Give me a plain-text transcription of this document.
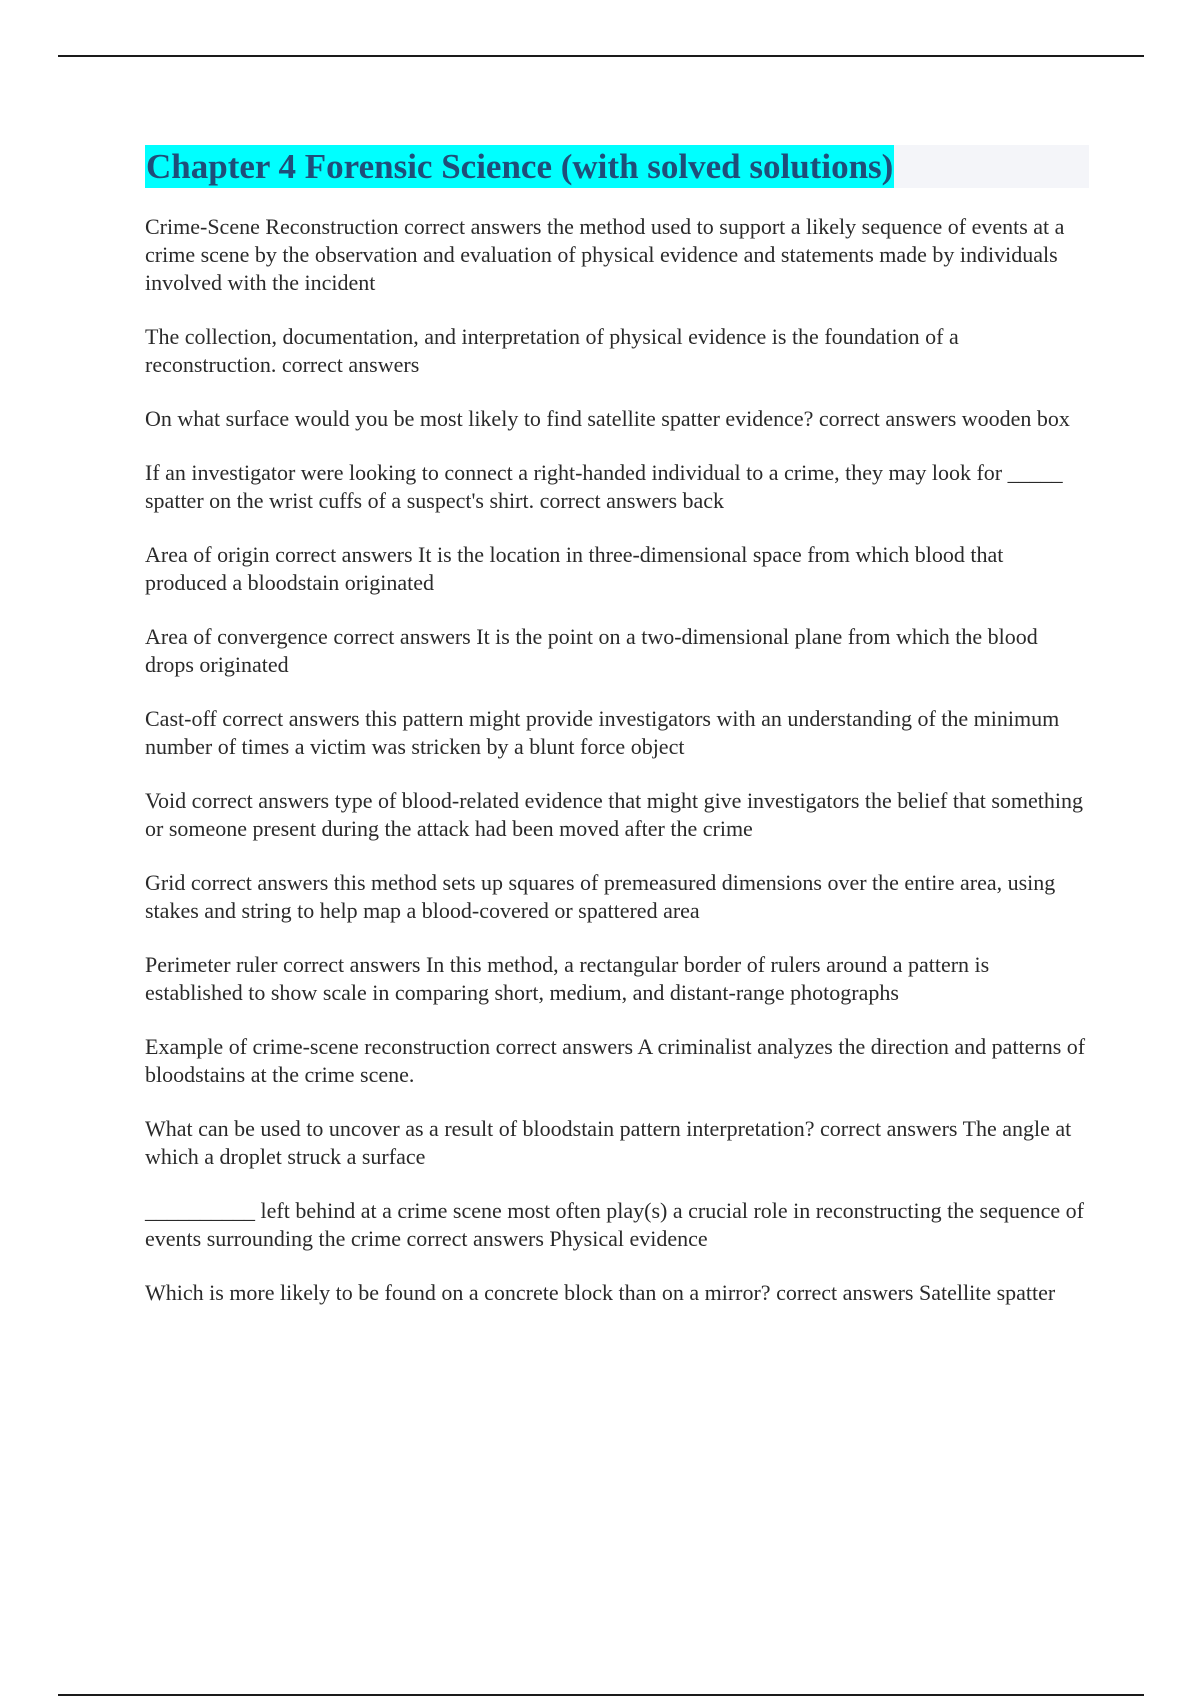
Chapter 4 Forensic Science (with solved solutions)

Crime-Scene Reconstruction correct answers the method used to support a likely sequence of events at a crime scene by the observation and evaluation of physical evidence and statements made by individuals involved with the incident

The collection, documentation, and interpretation of physical evidence is the foundation of a reconstruction. correct answers

On what surface would you be most likely to find satellite spatter evidence? correct answers wooden box

If an investigator were looking to connect a right-handed individual to a crime, they may look for _____ spatter on the wrist cuffs of a suspect's shirt. correct answers back

Area of origin correct answers It is the location in three-dimensional space from which blood that produced a bloodstain originated

Area of convergence correct answers It is the point on a two-dimensional plane from which the blood drops originated

Cast-off correct answers this pattern might provide investigators with an understanding of the minimum number of times a victim was stricken by a blunt force object

Void correct answers type of blood-related evidence that might give investigators the belief that something or someone present during the attack had been moved after the crime

Grid correct answers this method sets up squares of premeasured dimensions over the entire area, using stakes and string to help map a blood-covered or spattered area

Perimeter ruler correct answers In this method, a rectangular border of rulers around a pattern is established to show scale in comparing short, medium, and distant-range photographs

Example of crime-scene reconstruction correct answers A criminalist analyzes the direction and patterns of bloodstains at the crime scene.

What can be used to uncover as a result of bloodstain pattern interpretation? correct answers The angle at which a droplet struck a surface

__________ left behind at a crime scene most often play(s) a crucial role in reconstructing the sequence of events surrounding the crime correct answers Physical evidence

Which is more likely to be found on a concrete block than on a mirror? correct answers Satellite spatter
